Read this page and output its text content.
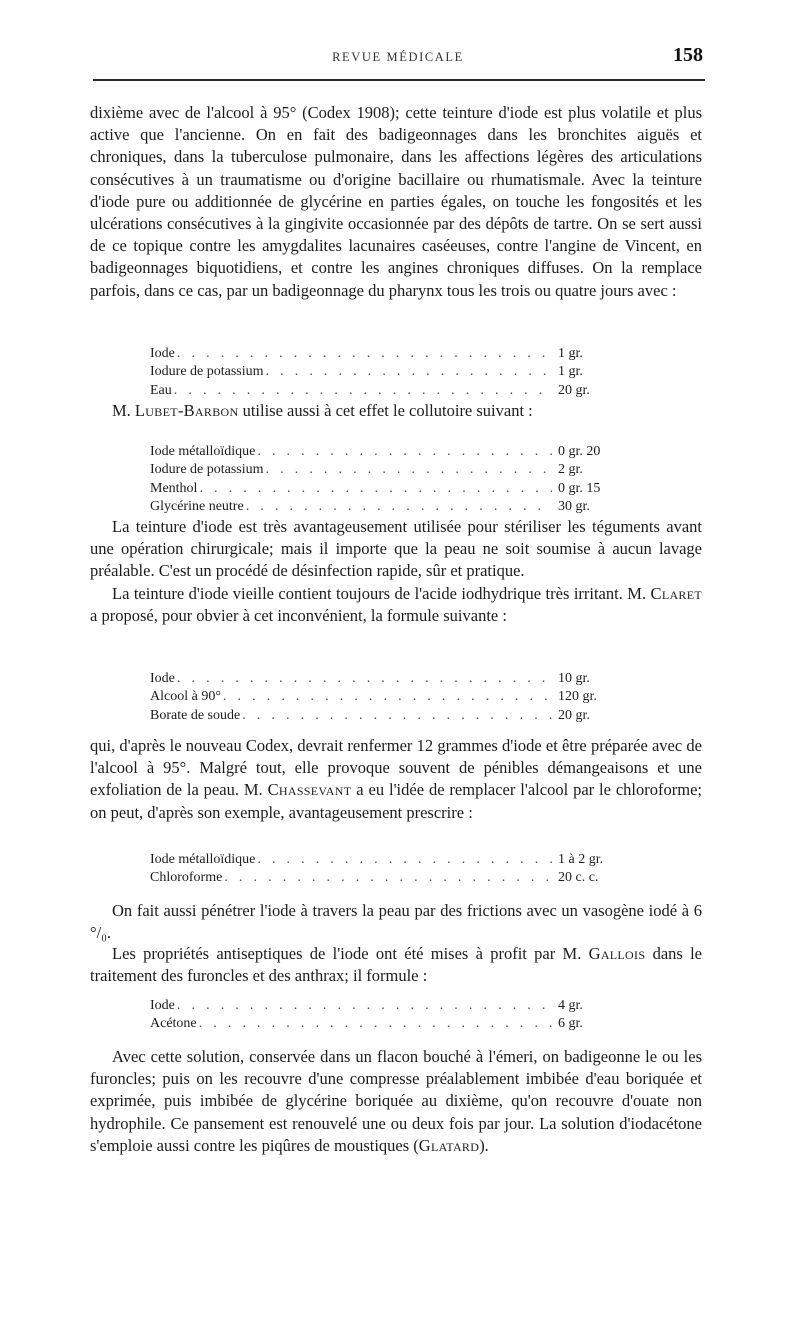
REVUE MÉDICALE	158

dixième avec de l'alcool à 95° (Codex 1908); cette teinture d'iode est plus volatile et plus active que l'ancienne. On en fait des badigeonnages dans les bronchites aiguës et chroniques, dans la tuberculose pulmonaire, dans les affections légères des articulations consécutives à un traumatisme ou d'origine bacillaire ou rhumatismale. Avec la teinture d'iode pure ou additionnée de glycérine en parties égales, on touche les fongosités et les ulcérations consécutives à la gingivite occasionnée par des dépôts de tartre. On se sert aussi de ce topique contre les amygdalites lacunaires caséeuses, contre l'angine de Vincent, en badigeonnages biquotidiens, et contre les angines chroniques diffuses. On la remplace parfois, dans ce cas, par un badigeonnage du pharynx tous les trois ou quatre jours avec :

Iode . . .	1 gr.
Iodure de potassium . . .	1 gr.
Eau . . .	20 gr.

M. Lubet-Barbon utilise aussi à cet effet le collutoire suivant :

Iode métalloïdique . . .	0 gr. 20
Iodure de potassium . . .	2 gr.
Menthol . . .	0 gr. 15
Glycérine neutre . . .	30 gr.

La teinture d'iode est très avantageusement utilisée pour stériliser les téguments avant une opération chirurgicale; mais il importe que la peau ne soit soumise à aucun lavage préalable. C'est un procédé de désinfection rapide, sûr et pratique.

La teinture d'iode vieille contient toujours de l'acide iodhydrique très irritant. M. Claret a proposé, pour obvier à cet inconvénient, la formule suivante :

Iode . . .	10 gr.
Alcool à 90° . . .	120 gr.
Borate de soude . . .	20 gr.

qui, d'après le nouveau Codex, devrait renfermer 12 grammes d'iode et être préparée avec de l'alcool à 95°. Malgré tout, elle provoque souvent de pénibles démangeaisons et une exfoliation de la peau. M. Chassevant a eu l'idée de remplacer l'alcool par le chloroforme; on peut, d'après son exemple, avantageusement prescrire :

Iode métalloïdique . . .	1 à 2 gr.
Chloroforme . . .	20 c. c.

On fait aussi pénétrer l'iode à travers la peau par des frictions avec un vasogène iodé à 6 °/₀.

Les propriétés antiseptiques de l'iode ont été mises à profit par M. Gallois dans le traitement des furoncles et des anthrax; il formule :

Iode . . .	4 gr.
Acétone . . .	6 gr.

Avec cette solution, conservée dans un flacon bouché à l'émeri, on badigeonne le ou les furoncles; puis on les recouvre d'une compresse préalablement imbibée d'eau boriquée et exprimée, puis imbibée de glycérine boriquée au dixième, qu'on recouvre d'ouate non hydrophile. Ce pansement est renouvelé une ou deux fois par jour. La solution d'iodacétone s'emploie aussi contre les piqûres de moustiques (Glatard).
